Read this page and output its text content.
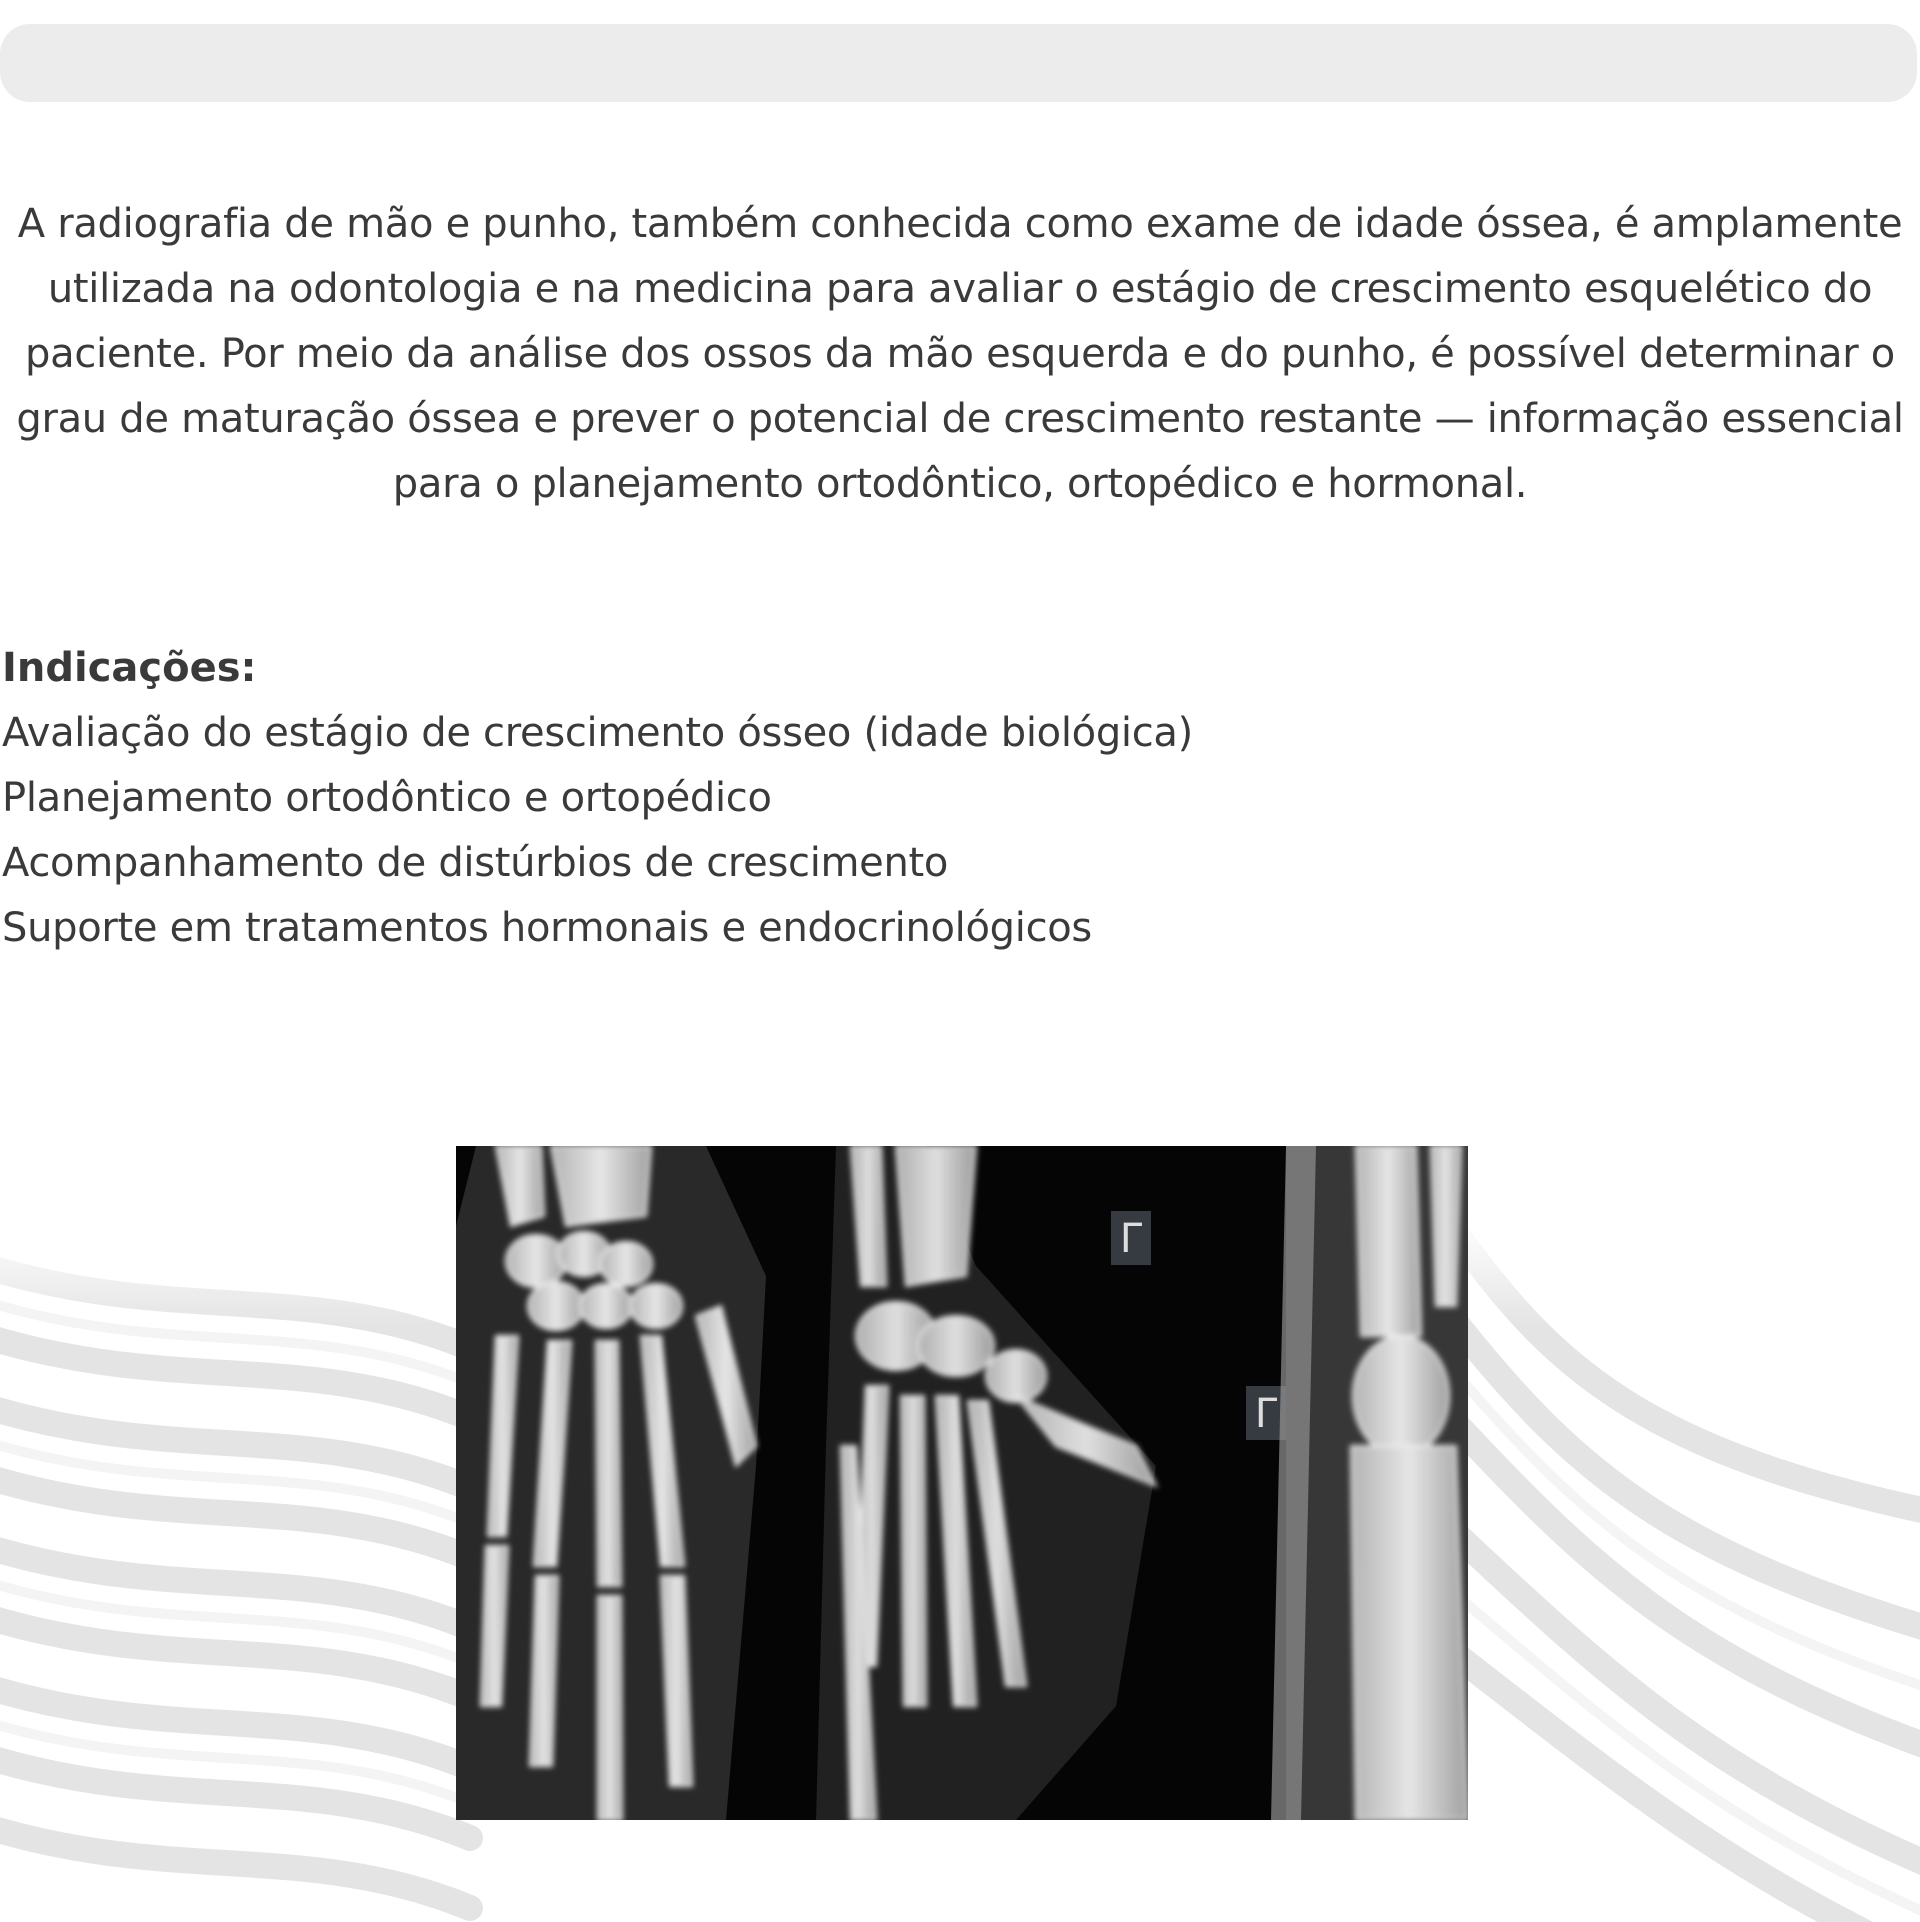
A radiografia de mão e punho, também conhecida como exame de idade óssea, é amplamente utilizada na odontologia e na medicina para avaliar o estágio de crescimento esquelético do paciente. Por meio da análise dos ossos da mão esquerda e do punho, é possível determinar o grau de maturação óssea e prever o potencial de crescimento restante — informação essencial para o planejamento ortodôntico, ortopédico e hormonal.

Indicações:

Avaliação do estágio de crescimento ósseo (idade biológica)
Planejamento ortodôntico e ortopédico
Acompanhamento de distúrbios de crescimento
Suporte em tratamentos hormonais e endocrinológicos
Γ
Γ
